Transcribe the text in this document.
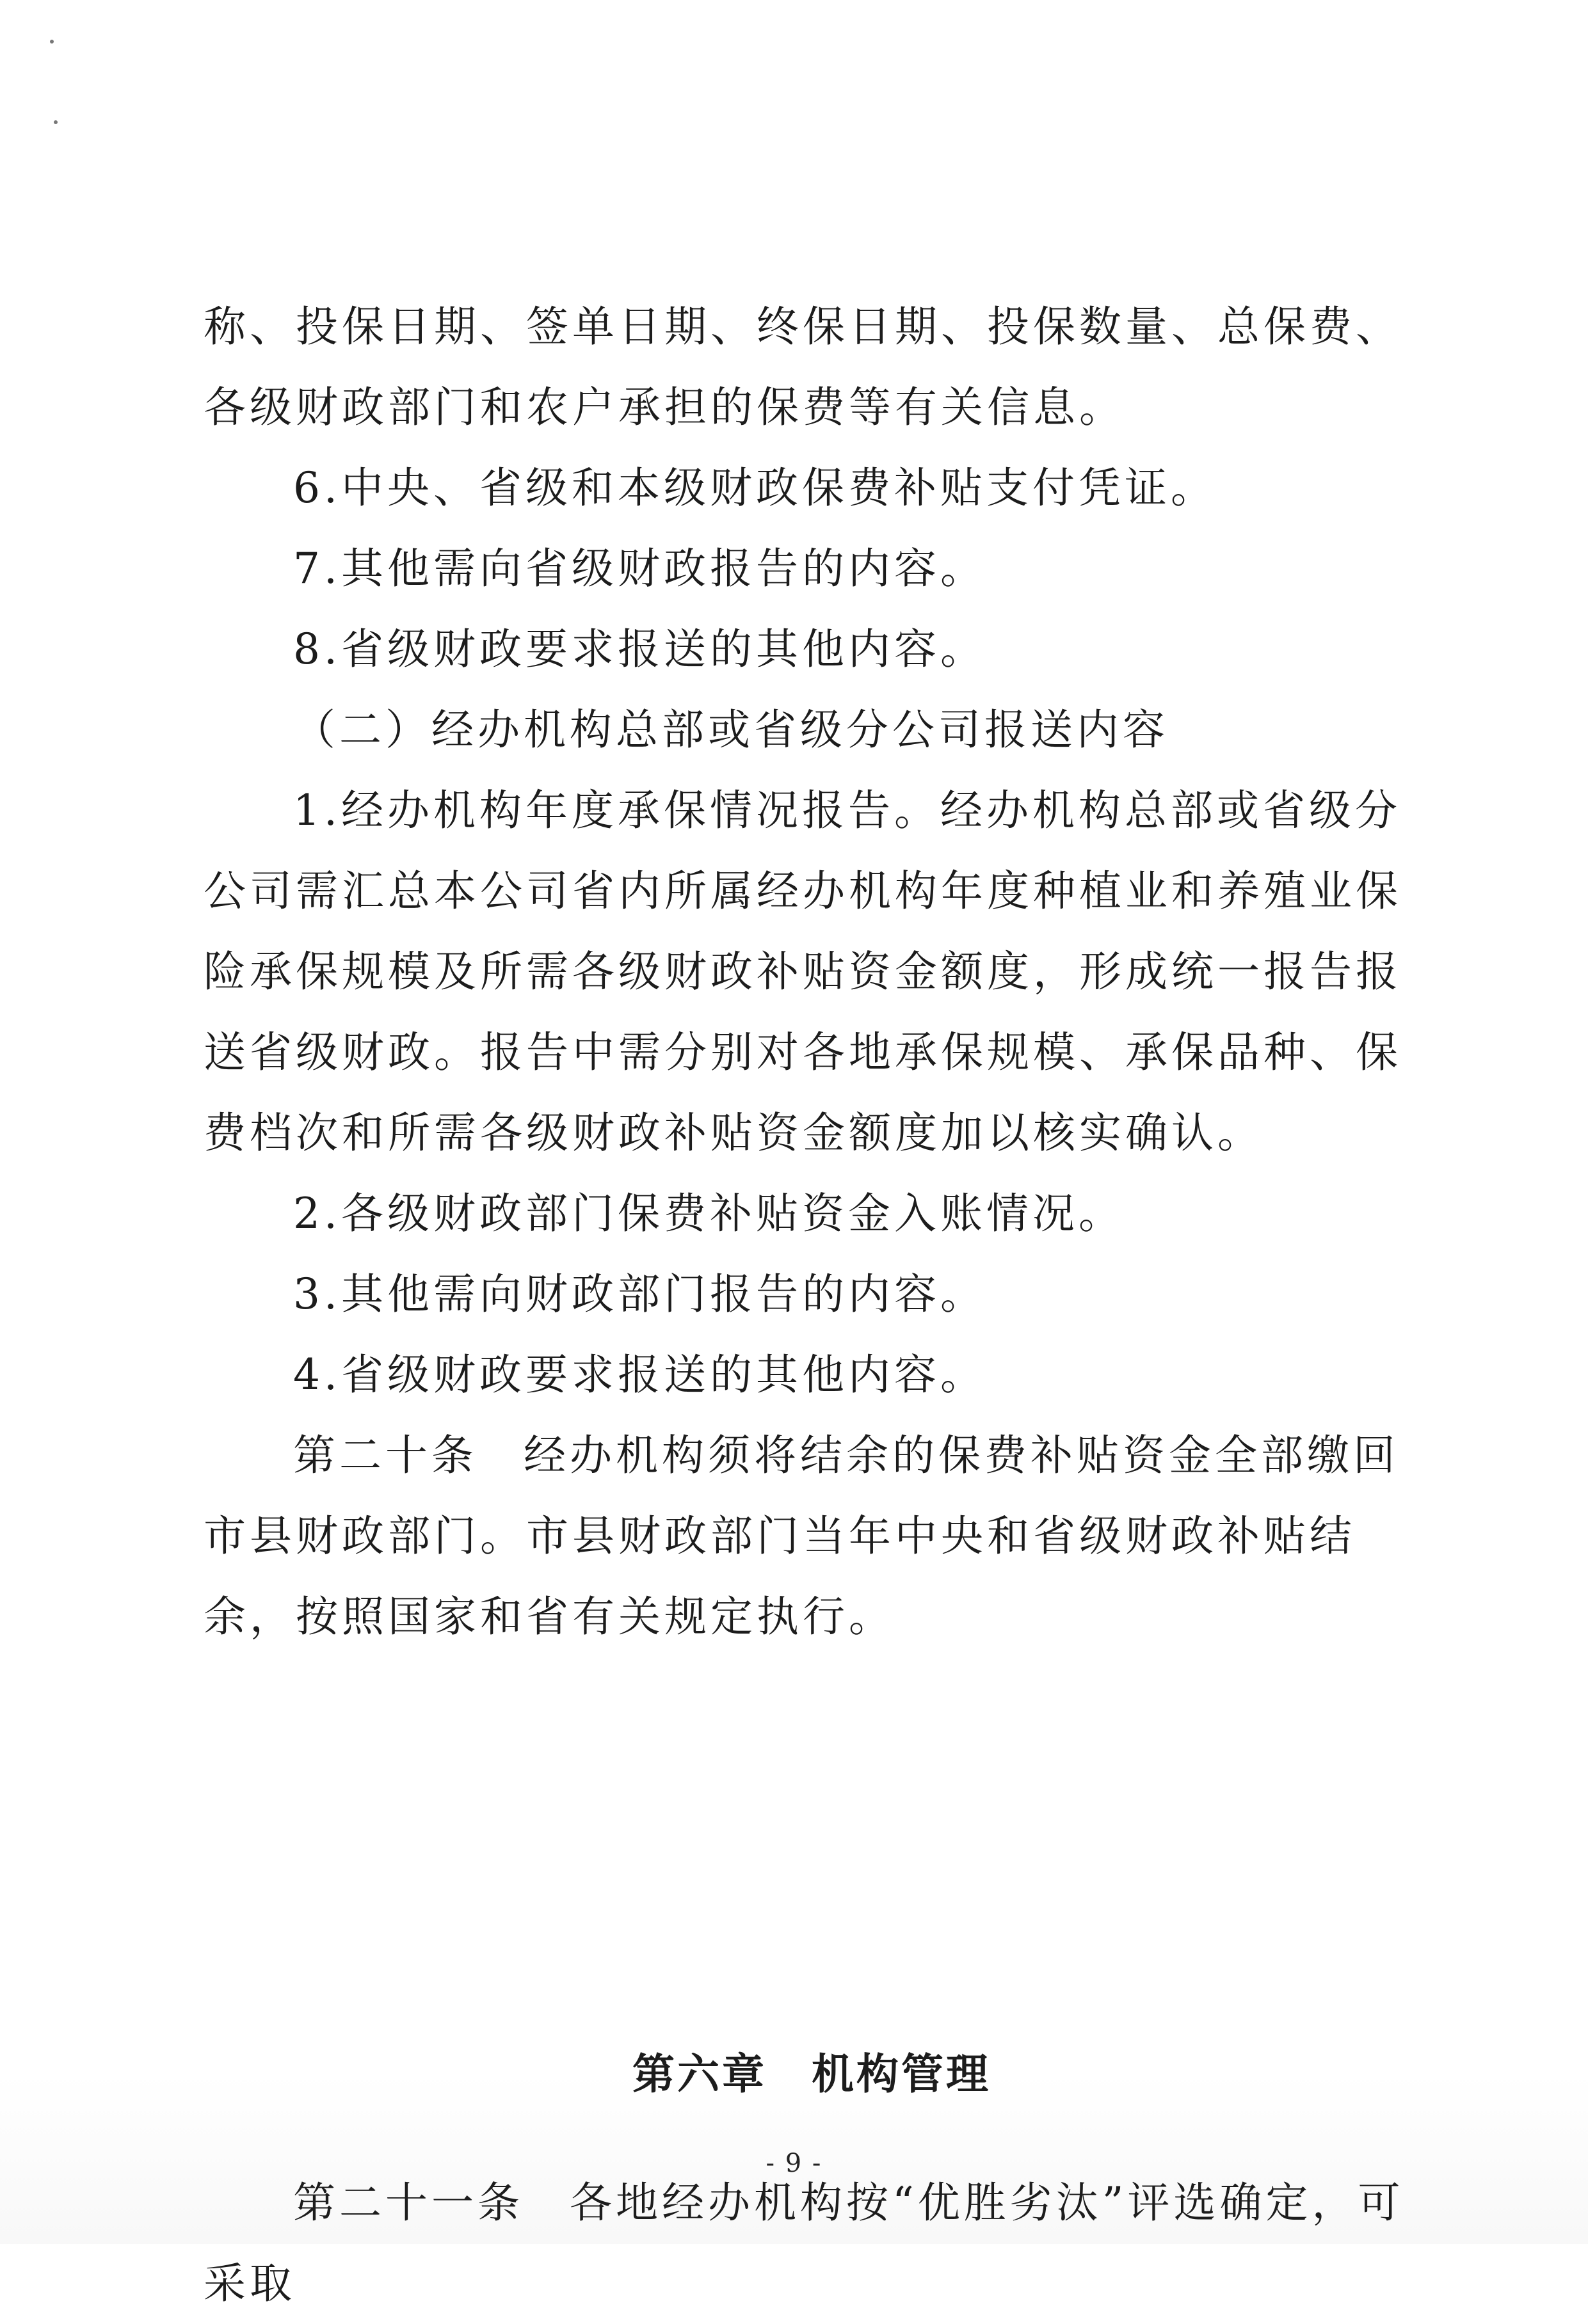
称、投保日期、签单日期、终保日期、投保数量、总保费、各级财政部门和农户承担的保费等有关信息。

6.中央、省级和本级财政保费补贴支付凭证。

7.其他需向省级财政报告的内容。

8.省级财政要求报送的其他内容。

（二）经办机构总部或省级分公司报送内容

1.经办机构年度承保情况报告。经办机构总部或省级分公司需汇总本公司省内所属经办机构年度种植业和养殖业保险承保规模及所需各级财政补贴资金额度，形成统一报告报送省级财政。报告中需分别对各地承保规模、承保品种、保费档次和所需各级财政补贴资金额度加以核实确认。

2.各级财政部门保费补贴资金入账情况。

3.其他需向财政部门报告的内容。

4.省级财政要求报送的其他内容。

第二十条　经办机构须将结余的保费补贴资金全部缴回市县财政部门。市县财政部门当年中央和省级财政补贴结余，按照国家和省有关规定执行。

第六章　机构管理

第二十一条　各地经办机构按“优胜劣汰”评选确定，可采取

- 9 -
